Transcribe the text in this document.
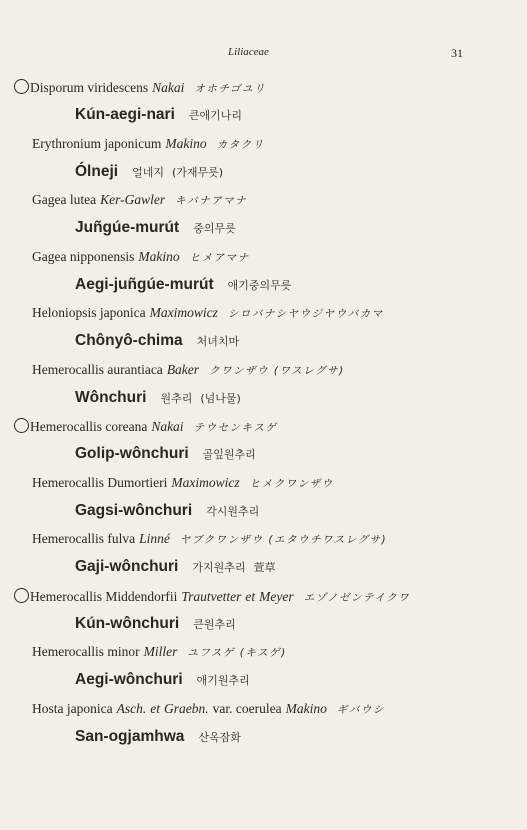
Liliaceae	31
Disporum viridescens Nakai オホチゴユリ
Kún-aegi-nari 큰애기나리
Erythronium japonicum Makino カタクリ
Ólneji 얼네지 (가재무릇)
Gagea lutea Ker-Gawler キバナアマナ
Juñgúe-murút 중의무릇
Gagea nipponensis Makino ヒメアマナ
Aegi-juñgúe-murút 애기중의무릇
Heloniopsis japonica Maximowicz シロバナシヤウジヤウバカマ
Chônyô-chima 처녀치마
Hemerocallis aurantiaca Baker クワンザウ (ワスレグサ)
Wônchuri 원추리 (넘나물)
Hemerocallis coreana Nakai テウセンキスゲ
Golip-wônchuri 골잎원추리
Hemerocallis Dumortieri Maximowicz ヒメクワンザウ
Gagsi-wônchuri 각시원추리
Hemerocallis fulva Linné ヤブクワンザウ (エタウチワスレグサ)
Gaji-wônchuri 가지원추리 萱草
Hemerocallis Middendorfii Trautvetter et Meyer エゾノゼンテイクワ
Kún-wônchuri 큰원추리
Hemerocallis minor Miller ユフスゲ (キスゲ)
Aegi-wônchuri 애기원추리
Hosta japonica Asch. et Graebn. var. coerulea Makino ギバウシ
San-ogjamhwa 산옥잠화
